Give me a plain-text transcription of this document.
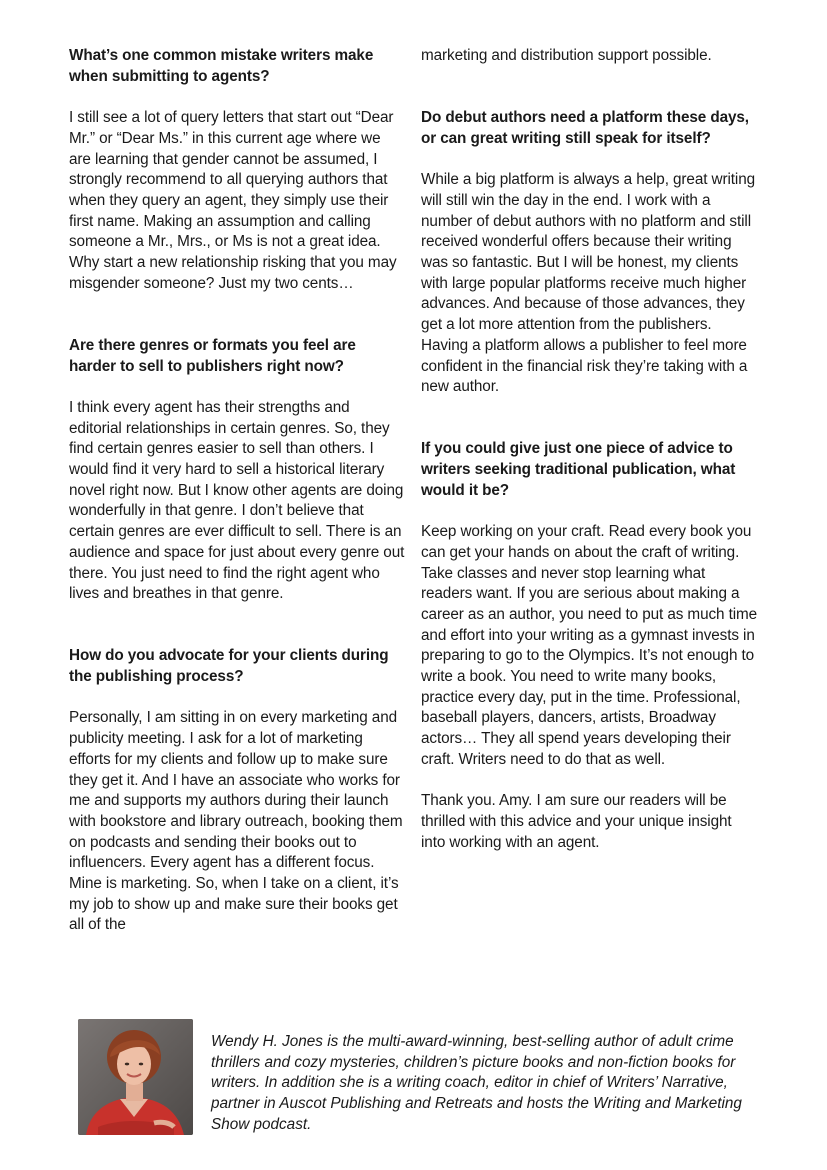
What’s one common mistake writers make when submitting to agents?

I still see a lot of query letters that start out “Dear Mr.” or “Dear Ms.” in this current age where we are learning that gender cannot be assumed, I strongly recommend to all querying authors that when they query an agent, they simply use their first name. Making an assumption and calling someone a Mr., Mrs., or Ms is not a great idea. Why start a new relationship risking that you may misgender someone? Just my two cents…

Are there genres or formats you feel are harder to sell to publishers right now?

I think every agent has their strengths and editorial relationships in certain genres. So, they find certain genres easier to sell than others. I would find it very hard to sell a historical literary novel right now. But I know other agents are doing wonderfully in that genre. I don’t believe that certain genres are ever difficult to sell. There is an audience and space for just about every genre out there. You just need to find the right agent who lives and breathes in that genre.

How do you advocate for your clients during the publishing process?

Personally, I am sitting in on every marketing and publicity meeting. I ask for a lot of marketing efforts for my clients and follow up to make sure they get it. And I have an associate who works for me and supports my authors during their launch with bookstore and library outreach, booking them on podcasts and sending their books out to influencers. Every agent has a different focus. Mine is marketing. So, when I take on a client, it’s my job to show up and make sure their books get all of the

marketing and distribution support possible.

Do debut authors need a platform these days, or can great writing still speak for itself?

While a big platform is always a help, great writing will still win the day in the end. I work with a number of debut authors with no platform and still received wonderful offers because their writing was so fantastic. But I will be honest, my clients with large popular platforms receive much higher advances. And because of those advances, they get a lot more attention from the publishers. Having a platform allows a publisher to feel more confident in the financial risk they’re taking with a new author.

If you could give just one piece of advice to writers seeking traditional publication, what would it be?

Keep working on your craft. Read every book you can get your hands on about the craft of writing. Take classes and never stop learning what readers want. If you are serious about making a career as an author, you need to put as much time and effort into your writing as a gymnast invests in preparing to go to the Olympics. It’s not enough to write a book. You need to write many books, practice every day, put in the time. Professional, baseball players, dancers, artists, Broadway actors… They all spend years developing their craft. Writers need to do that as well.

Thank you. Amy. I am sure our readers will be thrilled with this advice and your unique insight into working with an agent.

Wendy H. Jones is the multi-award-winning, best-selling author of adult crime thrillers and cozy mysteries, children’s picture books and non-fiction books for writers. In addition she is a writing coach, editor in chief of Writers’ Narrative, partner in Auscot Publishing and Retreats and hosts the Writing and Marketing Show podcast.
